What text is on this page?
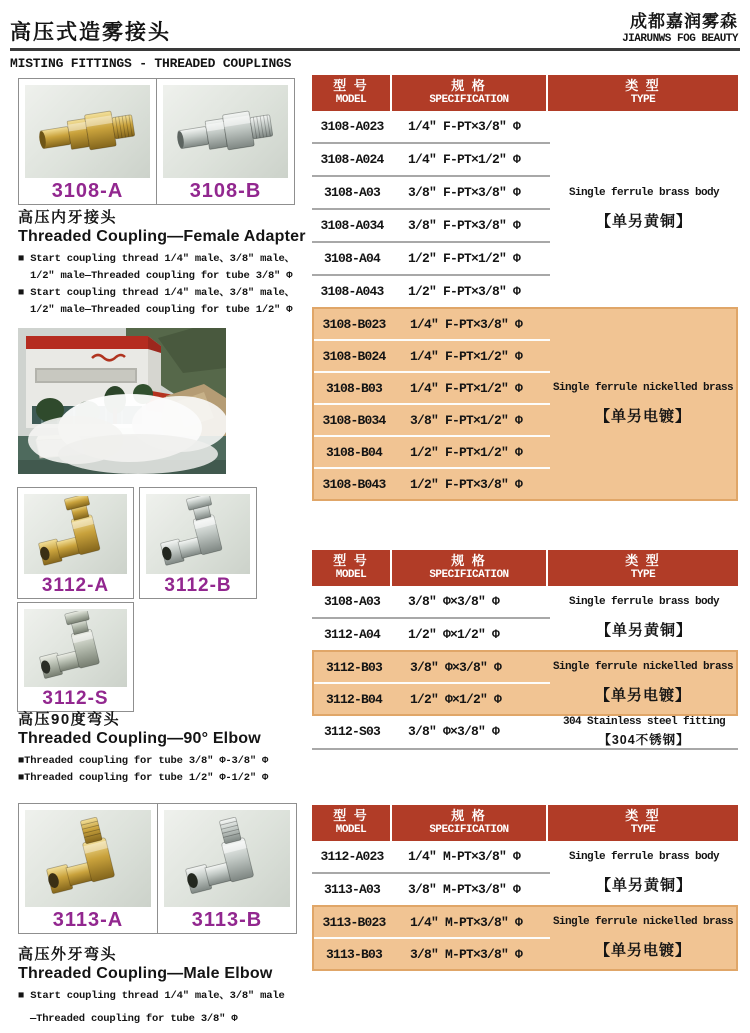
高压式造雾接头	成都嘉润雾森
JIARUNWS FOG BEAUTY
MISTING FITTINGS - THREADED COUPLINGS
3108-A	3108-B
高压内牙接头
Threaded Coupling—Female Adapter
■ Start coupling thread 1/4" male、3/8" male、
1/2" male—Threaded coupling for tube 3/8" Φ
■ Start coupling thread 1/4" male、3/8" male、
1/2" male—Threaded coupling for tube 1/2" Φ
3112-A	3112-B
3112-S
高压90度弯头
Threaded Coupling—90° Elbow
■Threaded coupling for tube 3/8" Φ-3/8" Φ
■Threaded coupling for tube 1/2" Φ-1/2" Φ
3113-A	3113-B
高压外牙弯头
Threaded Coupling—Male Elbow
■ Start coupling thread 1/4" male、3/8" male
—Threaded coupling for tube 3/8" Φ
型 号
MODEL
规 格
SPECIFICATION
类 型
TYPE
3108-A023	1/4" F-PT×3/8" Φ
3108-A024	1/4" F-PT×1/2" Φ
3108-A03	3/8" F-PT×3/8" Φ
3108-A034	3/8" F-PT×3/8" Φ
3108-A04	1/2" F-PT×1/2" Φ
3108-A043	1/2" F-PT×3/8" Φ
Single ferrule brass body
【单另黄铜】
3108-B023	1/4" F-PT×3/8" Φ
3108-B024	1/4" F-PT×1/2" Φ
3108-B03	1/4" F-PT×1/2" Φ
3108-B034	3/8" F-PT×1/2" Φ
3108-B04	1/2" F-PT×1/2" Φ
3108-B043	1/2" F-PT×3/8" Φ
Single ferrule nickelled brass
【单另电镀】
型 号
MODEL
规 格
SPECIFICATION
类 型
TYPE
3108-A03	3/8" Φ×3/8" Φ
3112-A04	1/2" Φ×1/2" Φ
Single ferrule brass body
【单另黄铜】
3112-B03	3/8" Φ×3/8" Φ
3112-B04	1/2" Φ×1/2" Φ
Single ferrule nickelled brass
【单另电镀】
3112-S03	3/8" Φ×3/8" Φ
304 Stainless steel fitting
【304不锈钢】
型 号
MODEL
规 格
SPECIFICATION
类 型
TYPE
3112-A023	1/4" M-PT×3/8" Φ
3113-A03	3/8" M-PT×3/8" Φ
Single ferrule brass body
【单另黄铜】
3113-B023	1/4" M-PT×3/8" Φ
3113-B03	3/8" M-PT×3/8" Φ
Single ferrule nickelled brass
【单另电镀】
